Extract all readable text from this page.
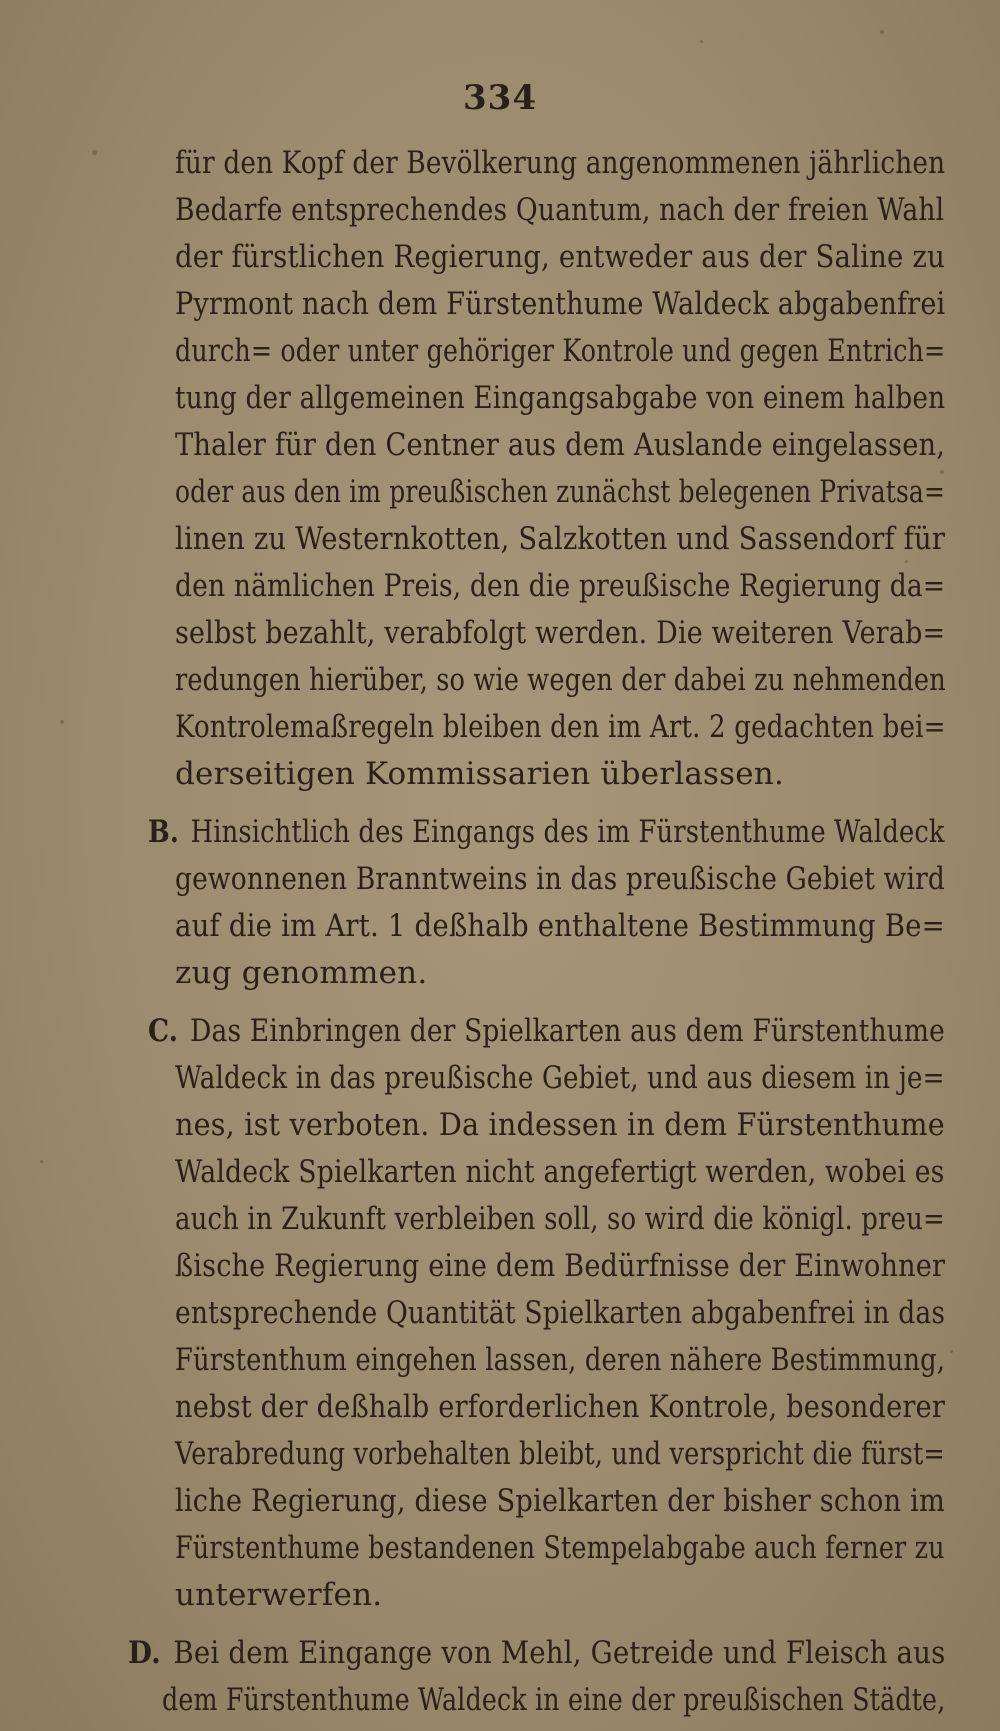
334
für den Kopf der Bevölkerung angenommenen jährlichen
Bedarfe entsprechendes Quantum, nach der freien Wahl
der fürstlichen Regierung, entweder aus der Saline zu
Pyrmont nach dem Fürstenthume Waldeck abgabenfrei
durch= oder unter gehöriger Kontrole und gegen Entrich=
tung der allgemeinen Eingangsabgabe von einem halben
Thaler für den Centner aus dem Auslande eingelassen,
oder aus den im preußischen zunächst belegenen Privatsa=
linen zu Westernkotten, Salzkotten und Sassendorf für
den nämlichen Preis, den die preußische Regierung da=
selbst bezahlt, verabfolgt werden. Die weiteren Verab=
redungen hierüber, so wie wegen der dabei zu nehmenden
Kontrolemaßregeln bleiben den im Art. 2 gedachten bei=
derseitigen Kommissarien überlassen.
B. Hinsichtlich des Eingangs des im Fürstenthume Waldeck
gewonnenen Branntweins in das preußische Gebiet wird
auf die im Art. 1 deßhalb enthaltene Bestimmung Be=
zug genommen.
C. Das Einbringen der Spielkarten aus dem Fürstenthume
Waldeck in das preußische Gebiet, und aus diesem in je=
nes, ist verboten. Da indessen in dem Fürstenthume
Waldeck Spielkarten nicht angefertigt werden, wobei es
auch in Zukunft verbleiben soll, so wird die königl. preu=
ßische Regierung eine dem Bedürfnisse der Einwohner
entsprechende Quantität Spielkarten abgabenfrei in das
Fürstenthum eingehen lassen, deren nähere Bestimmung,
nebst der deßhalb erforderlichen Kontrole, besonderer
Verabredung vorbehalten bleibt, und verspricht die fürst=
liche Regierung, diese Spielkarten der bisher schon im
Fürstenthume bestandenen Stempelabgabe auch ferner zu
unterwerfen.
D. Bei dem Eingange von Mehl, Getreide und Fleisch aus
dem Fürstenthume Waldeck in eine der preußischen Städte,
